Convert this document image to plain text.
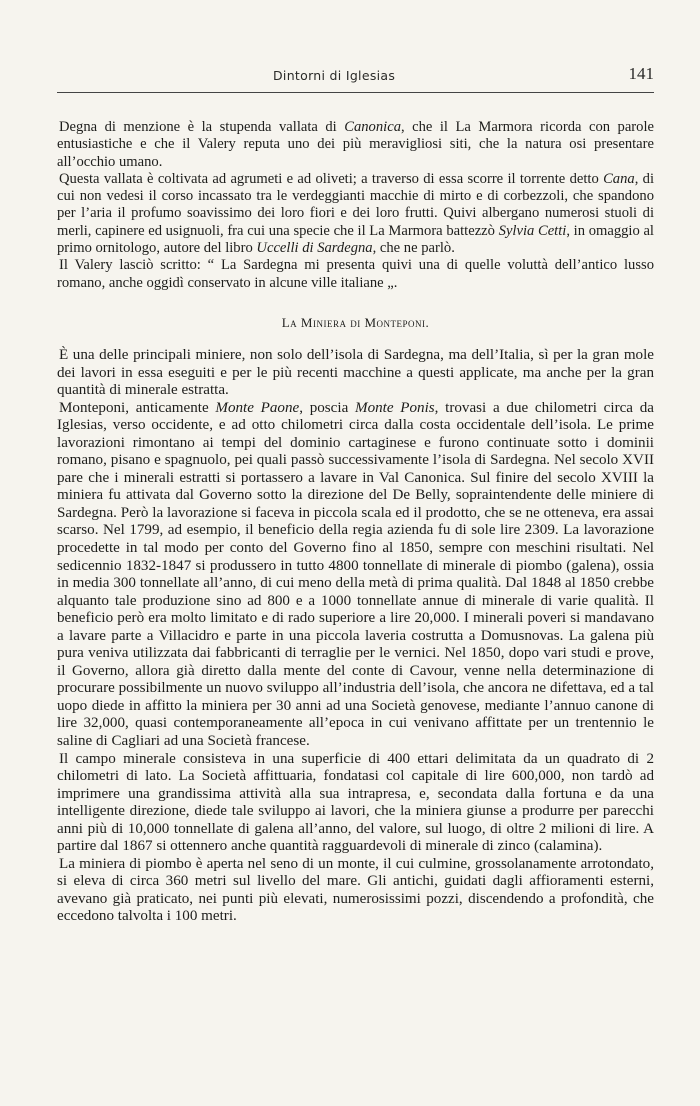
Dintorni di Iglesias	141

Degna di menzione è la stupenda vallata di Canonica, che il La Marmora ricorda con parole entusiastiche e che il Valery reputa uno dei più meravigliosi siti, che la natura osi presentare all’occhio umano.

Questa vallata è coltivata ad agrumeti e ad oliveti; a traverso di essa scorre il torrente detto Cana, di cui non vedesi il corso incassato tra le verdeggianti macchie di mirto e di corbezzoli, che spandono per l’aria il profumo soavissimo dei loro fiori e dei loro frutti. Quivi albergano numerosi stuoli di merli, capinere ed usignuoli, fra cui una specie che il La Marmora battezzò Sylvia Cetti, in omaggio al primo ornitologo, autore del libro Uccelli di Sardegna, che ne parlò.

Il Valery lasciò scritto: “ La Sardegna mi presenta quivi una di quelle voluttà dell’antico lusso romano, anche oggidì conservato in alcune ville italiane „.

La Miniera di Monteponi.

È una delle principali miniere, non solo dell’isola di Sardegna, ma dell’Italia, sì per la gran mole dei lavori in essa eseguiti e per le più recenti macchine a questi applicate, ma anche per la gran quantità di minerale estratta.

Monteponi, anticamente Monte Paone, poscia Monte Ponis, trovasi a due chilometri circa da Iglesias, verso occidente, e ad otto chilometri circa dalla costa occidentale dell’isola. Le prime lavorazioni rimontano ai tempi del dominio cartaginese e furono continuate sotto i dominii romano, pisano e spagnuolo, pei quali passò successivamente l’isola di Sardegna. Nel secolo XVII pare che i minerali estratti si portassero a lavare in Val Canonica. Sul finire del secolo XVIII la miniera fu attivata dal Governo sotto la direzione del De Belly, sopraintendente delle miniere di Sardegna. Però la lavorazione si faceva in piccola scala ed il prodotto, che se ne otteneva, era assai scarso. Nel 1799, ad esempio, il beneficio della regia azienda fu di sole lire 2309. La lavorazione procedette in tal modo per conto del Governo fino al 1850, sempre con meschini risultati. Nel sedicennio 1832-1847 si produssero in tutto 4800 tonnellate di minerale di piombo (galena), ossia in media 300 tonnellate all’anno, di cui meno della metà di prima qualità. Dal 1848 al 1850 crebbe alquanto tale produzione sino ad 800 e a 1000 tonnellate annue di minerale di varie qualità. Il beneficio però era molto limitato e di rado superiore a lire 20,000. I minerali poveri si mandavano a lavare parte a Villacidro e parte in una piccola laveria costrutta a Domusnovas. La galena più pura veniva utilizzata dai fabbricanti di terraglie per le vernici. Nel 1850, dopo vari studi e prove, il Governo, allora già diretto dalla mente del conte di Cavour, venne nella determinazione di procurare possibilmente un nuovo sviluppo all’industria dell’isola, che ancora ne difettava, ed a tal uopo diede in affitto la miniera per 30 anni ad una Società genovese, mediante l’annuo canone di lire 32,000, quasi contemporaneamente all’epoca in cui venivano affittate per un trentennio le saline di Cagliari ad una Società francese.

Il campo minerale consisteva in una superficie di 400 ettari delimitata da un quadrato di 2 chilometri di lato. La Società affittuaria, fondatasi col capitale di lire 600,000, non tardò ad imprimere una grandissima attività alla sua intrapresa, e, secondata dalla fortuna e da una intelligente direzione, diede tale sviluppo ai lavori, che la miniera giunse a produrre per parecchi anni più di 10,000 tonnellate di galena all’anno, del valore, sul luogo, di oltre 2 milioni di lire. A partire dal 1867 si ottennero anche quantità ragguardevoli di minerale di zinco (calamina).

La miniera di piombo è aperta nel seno di un monte, il cui culmine, grossolanamente arrotondato, si eleva di circa 360 metri sul livello del mare. Gli antichi, guidati dagli affioramenti esterni, avevano già praticato, nei punti più elevati, numerosissimi pozzi, discendendo a profondità, che eccedono talvolta i 100 metri.
